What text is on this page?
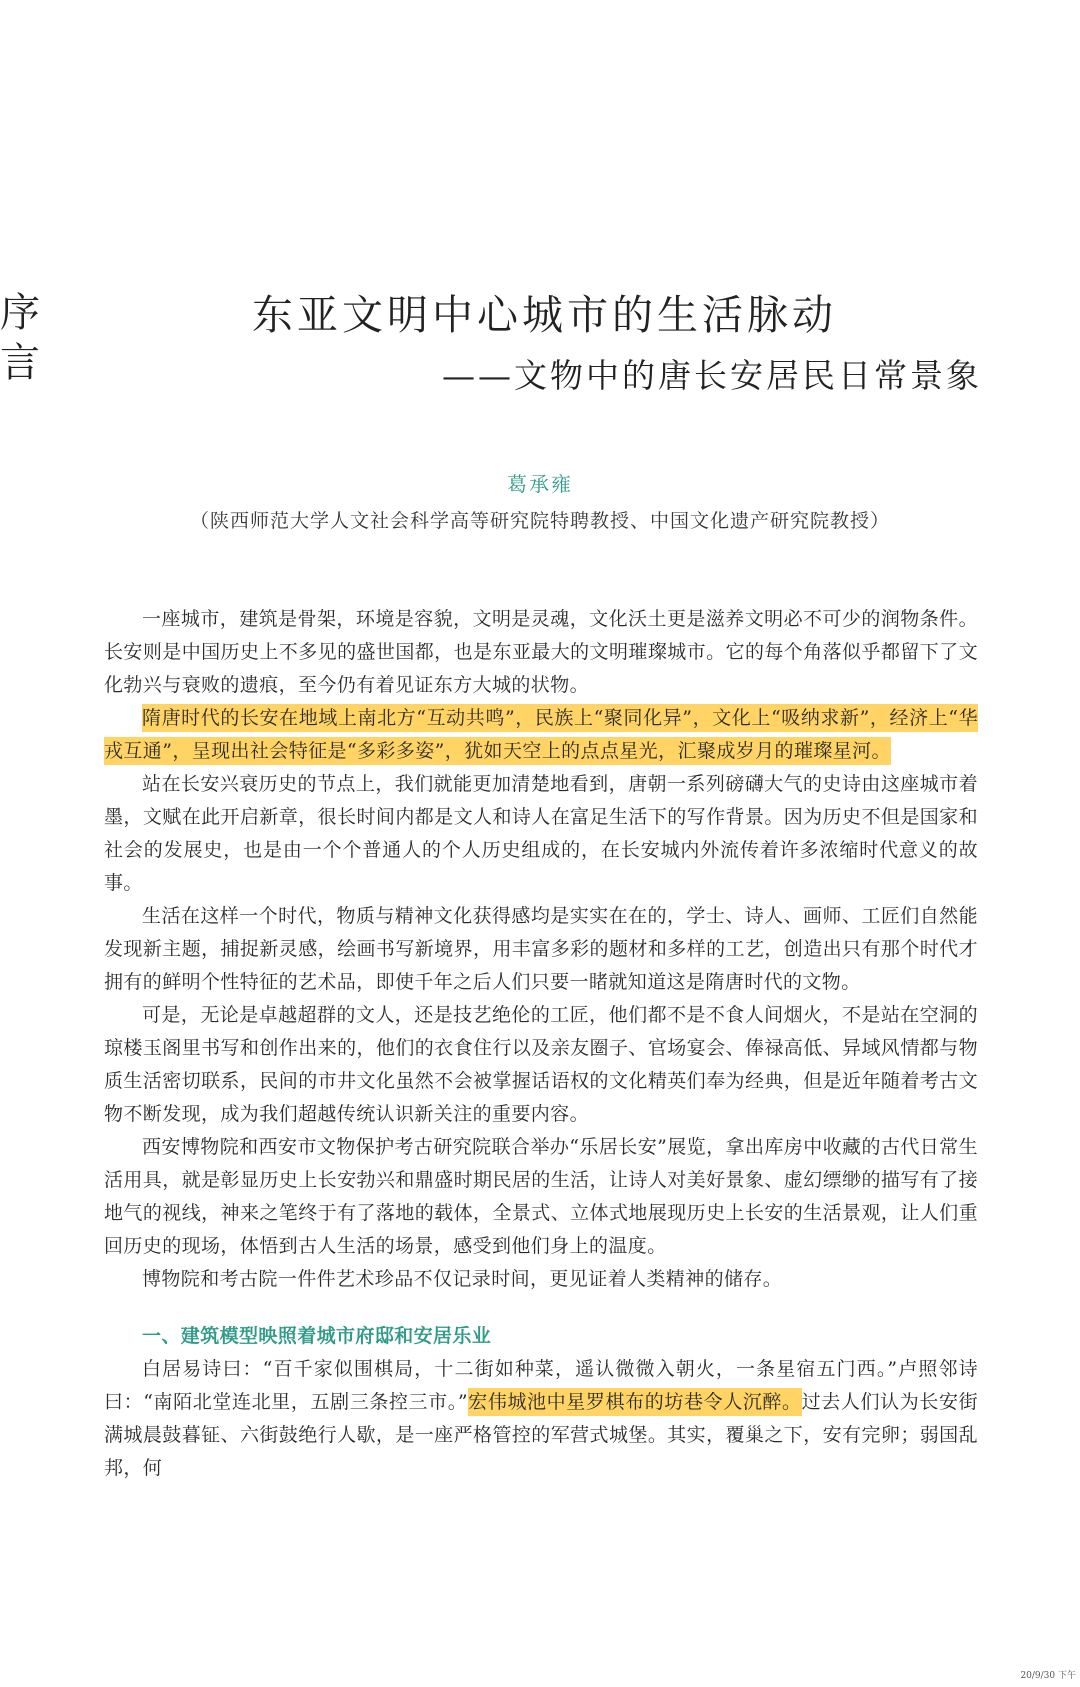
序
言
东亚文明中心城市的生活脉动
——文物中的唐长安居民日常景象
葛承雍
（陕西师范大学人文社会科学高等研究院特聘教授、中国文化遗产研究院教授）

一座城市，建筑是骨架，环境是容貌，文明是灵魂，文化沃土更是滋养文明必不可少的润物条件。长安则是中国历史上不多见的盛世国都，也是东亚最大的文明璀璨城市。它的每个角落似乎都留下了文化勃兴与衰败的遗痕，至今仍有着见证东方大城的状物。

隋唐时代的长安在地域上南北方“互动共鸣”，民族上“聚同化异”，文化上“吸纳求新”，经济上“华戎互通”，呈现出社会特征是“多彩多姿”，犹如天空上的点点星光，汇聚成岁月的璀璨星河。

站在长安兴衰历史的节点上，我们就能更加清楚地看到，唐朝一系列磅礴大气的史诗由这座城市着墨，文赋在此开启新章，很长时间内都是文人和诗人在富足生活下的写作背景。因为历史不但是国家和社会的发展史，也是由一个个普通人的个人历史组成的，在长安城内外流传着许多浓缩时代意义的故事。

生活在这样一个时代，物质与精神文化获得感均是实实在在的，学士、诗人、画师、工匠们自然能发现新主题，捕捉新灵感，绘画书写新境界，用丰富多彩的题材和多样的工艺，创造出只有那个时代才拥有的鲜明个性特征的艺术品，即使千年之后人们只要一睹就知道这是隋唐时代的文物。

可是，无论是卓越超群的文人，还是技艺绝伦的工匠，他们都不是不食人间烟火，不是站在空洞的琼楼玉阁里书写和创作出来的，他们的衣食住行以及亲友圈子、官场宴会、俸禄高低、异域风情都与物质生活密切联系，民间的市井文化虽然不会被掌握话语权的文化精英们奉为经典，但是近年随着考古文物不断发现，成为我们超越传统认识新关注的重要内容。

西安博物院和西安市文物保护考古研究院联合举办“乐居长安”展览，拿出库房中收藏的古代日常生活用具，就是彰显历史上长安勃兴和鼎盛时期民居的生活，让诗人对美好景象、虚幻缥缈的描写有了接地气的视线，神来之笔终于有了落地的载体，全景式、立体式地展现历史上长安的生活景观，让人们重回历史的现场，体悟到古人生活的场景，感受到他们身上的温度。

博物院和考古院一件件艺术珍品不仅记录时间，更见证着人类精神的储存。

一、建筑模型映照着城市府邸和安居乐业

白居易诗曰：“百千家似围棋局，十二街如种菜，遥认微微入朝火，一条星宿五门西。”卢照邻诗曰：“南陌北堂连北里，五剧三条控三市。”宏伟城池中星罗棋布的坊巷令人沉醉。过去人们认为长安街满城晨鼓暮钲、六街鼓绝行人歇，是一座严格管控的军营式城堡。其实，覆巢之下，安有完卵；弱国乱邦，何

20/9/30 下午
